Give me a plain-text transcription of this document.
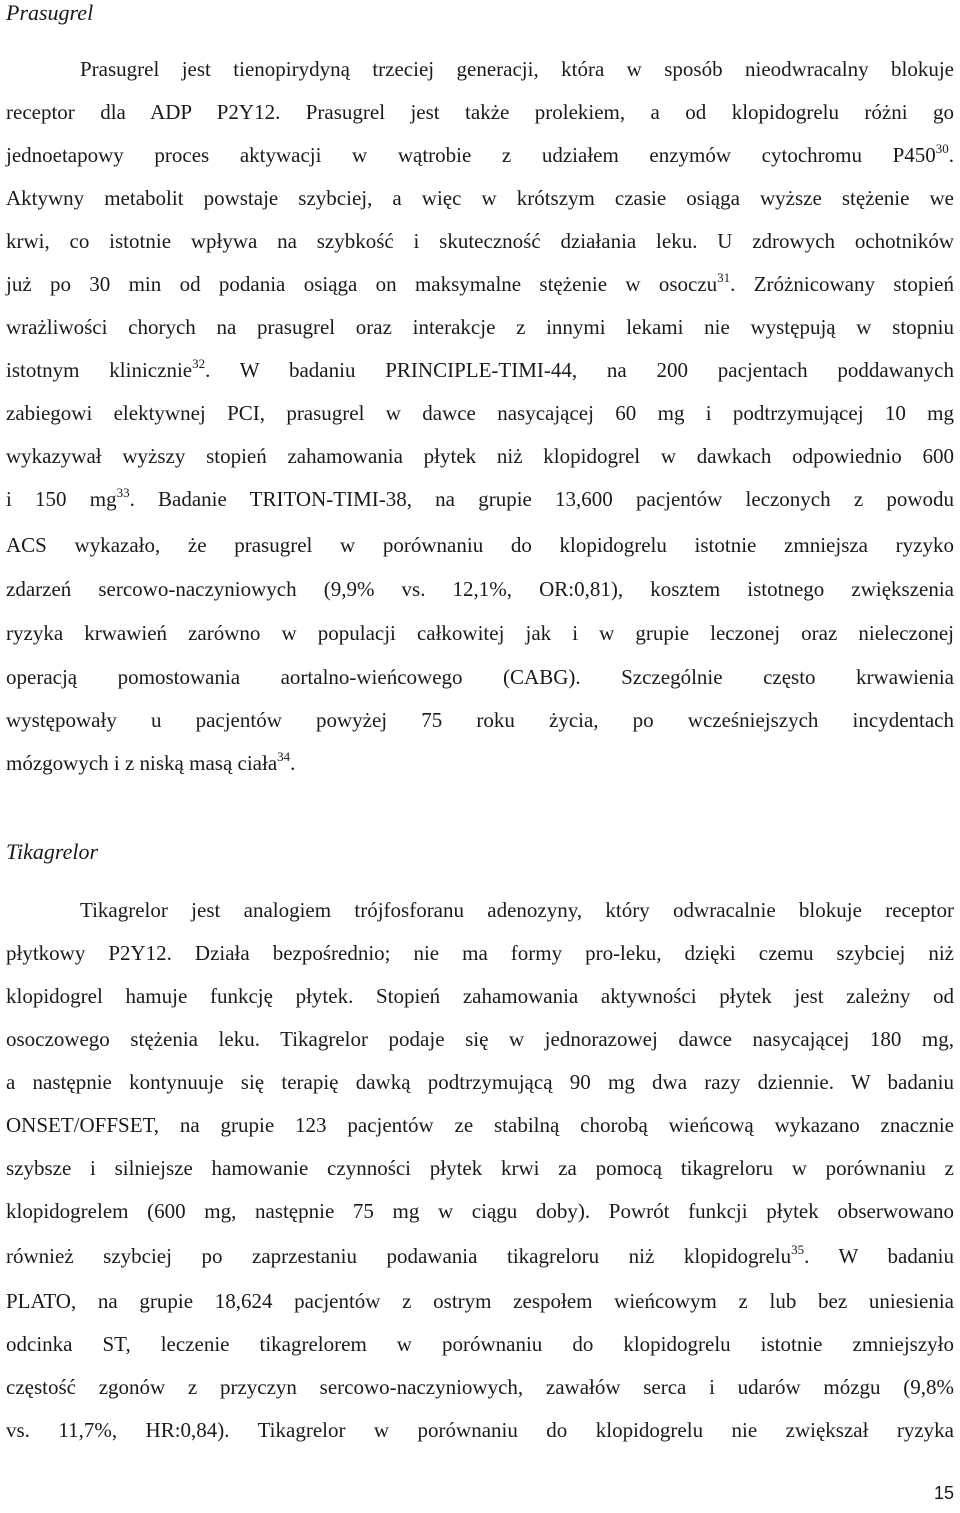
Prasugrel
Prasugrel jest tienopirydyną trzeciej generacji, która w sposób nieodwracalny blokuje
receptor dla ADP P2Y12. Prasugrel jest także prolekiem, a od klopidogrelu różni go
jednoetapowy proces aktywacji w wątrobie z udziałem enzymów cytochromu $P450^{30}$.
Aktywny metabolit powstaje szybciej, a więc w krótszym czasie osiąga wyższe stężenie we
krwi, co istotnie wpływa na szybkość i skuteczność działania leku. U zdrowych ochotników
już po 30 min od podania osiąga on maksymalne stężenie w osoczu$^{31}$. Zróżnicowany stopień
wrażliwości chorych na prasugrel oraz interakcje z innymi lekami nie występują w stopniu
istotnym klinicznie$^{32}$. W badaniu PRINCIPLE-TIMI-44, na 200 pacjentach poddawanych
zabiegowi elektywnej PCI, prasugrel w dawce nasycającej 60 mg i podtrzymującej 10 mg
wykazywał wyższy stopień zahamowania płytek niż klopidogrel w dawkach odpowiednio 600
i 150 $mg^{33}$. Badanie TRITON-TIMI-38, na grupie 13,600 pacjentów leczonych z powodu
ACS wykazało, że prasugrel w porównaniu do klopidogrelu istotnie zmniejsza ryzyko
zdarzeń sercowo-naczyniowych (9,9% vs. 12,1%, OR:0,81), kosztem istotnego zwiększenia
ryzyka krwawień zarówno w populacji całkowitej jak i w grupie leczonej oraz nieleczonej
operacją pomostowania aortalno-wieńcowego (CABG). Szczególnie często krwawienia
występowały u pacjentów powyżej 75 roku życia, po wcześniejszych incydentach
mózgowych i z niską masą ciała$^{34}$.
Tikagrelor
Tikagrelor jest analogiem trójfosforanu adenozyny, który odwracalnie blokuje receptor
płytkowy P2Y12. Działa bezpośrednio; nie ma formy pro-leku, dzięki czemu szybciej niż
klopidogrel hamuje funkcję płytek. Stopień zahamowania aktywności płytek jest zależny od
osoczowego stężenia leku. Tikagrelor podaje się w jednorazowej dawce nasycającej 180 mg,
a następnie kontynuuje się terapię dawką podtrzymującą 90 mg dwa razy dziennie. W badaniu
ONSET/OFFSET, na grupie 123 pacjentów ze stabilną chorobą wieńcową wykazano znacznie
szybsze i silniejsze hamowanie czynności płytek krwi za pomocą tikagreloru w porównaniu z
klopidogrelem (600 mg, następnie 75 mg w ciągu doby). Powrót funkcji płytek obserwowano
również szybciej po zaprzestaniu podawania tikagreloru niż klopidogrelu$^{35}$. W badaniu
PLATO, na grupie 18,624 pacjentów z ostrym zespołem wieńcowym z lub bez uniesienia
odcinka ST, leczenie tikagrelorem w porównaniu do klopidogrelu istotnie zmniejszyło
częstość zgonów z przyczyn sercowo-naczyniowych, zawałów serca i udarów mózgu (9,8%
vs. 11,7%, HR:0,84). Tikagrelor w porównaniu do klopidogrelu nie zwiększał ryzyka
15
